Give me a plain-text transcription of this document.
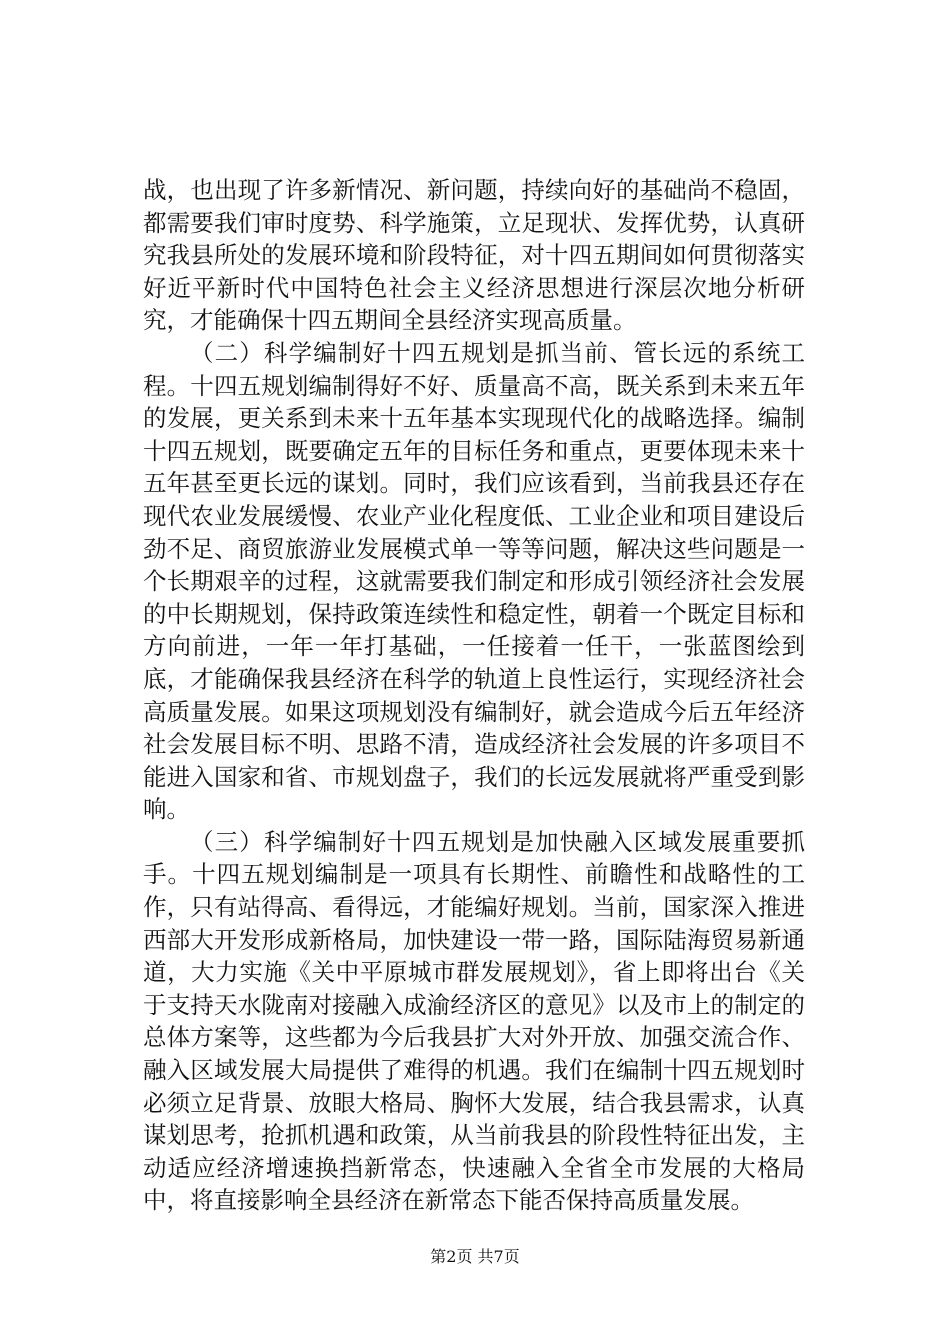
战，也出现了许多新情况、新问题，持续向好的基础尚不稳固，都需要我们审时度势、科学施策，立足现状、发挥优势，认真研究我县所处的发展环境和阶段特征，对十四五期间如何贯彻落实好近平新时代中国特色社会主义经济思想进行深层次地分析研究，才能确保十四五期间全县经济实现高质量。

（二）科学编制好十四五规划是抓当前、管长远的系统工程。十四五规划编制得好不好、质量高不高，既关系到未来五年的发展，更关系到未来十五年基本实现现代化的战略选择。编制十四五规划，既要确定五年的目标任务和重点，更要体现未来十五年甚至更长远的谋划。同时，我们应该看到，当前我县还存在现代农业发展缓慢、农业产业化程度低、工业企业和项目建设后劲不足、商贸旅游业发展模式单一等等问题，解决这些问题是一个长期艰辛的过程，这就需要我们制定和形成引领经济社会发展的中长期规划，保持政策连续性和稳定性，朝着一个既定目标和方向前进，一年一年打基础，一任接着一任干，一张蓝图绘到底，才能确保我县经济在科学的轨道上良性运行，实现经济社会高质量发展。如果这项规划没有编制好，就会造成今后五年经济社会发展目标不明、思路不清，造成经济社会发展的许多项目不能进入国家和省、市规划盘子，我们的长远发展就将严重受到影响。

（三）科学编制好十四五规划是加快融入区域发展重要抓手。十四五规划编制是一项具有长期性、前瞻性和战略性的工作，只有站得高、看得远，才能编好规划。当前，国家深入推进西部大开发形成新格局，加快建设一带一路，国际陆海贸易新通道，大力实施《关中平原城市群发展规划》，省上即将出台《关于支持天水陇南对接融入成渝经济区的意见》以及市上的制定的总体方案等，这些都为今后我县扩大对外开放、加强交流合作、融入区域发展大局提供了难得的机遇。我们在编制十四五规划时必须立足背景、放眼大格局、胸怀大发展，结合我县需求，认真谋划思考，抢抓机遇和政策，从当前我县的阶段性特征出发，主动适应经济增速换挡新常态，快速融入全省全市发展的大格局中，将直接影响全县经济在新常态下能否保持高质量发展。

第2页 共7页
